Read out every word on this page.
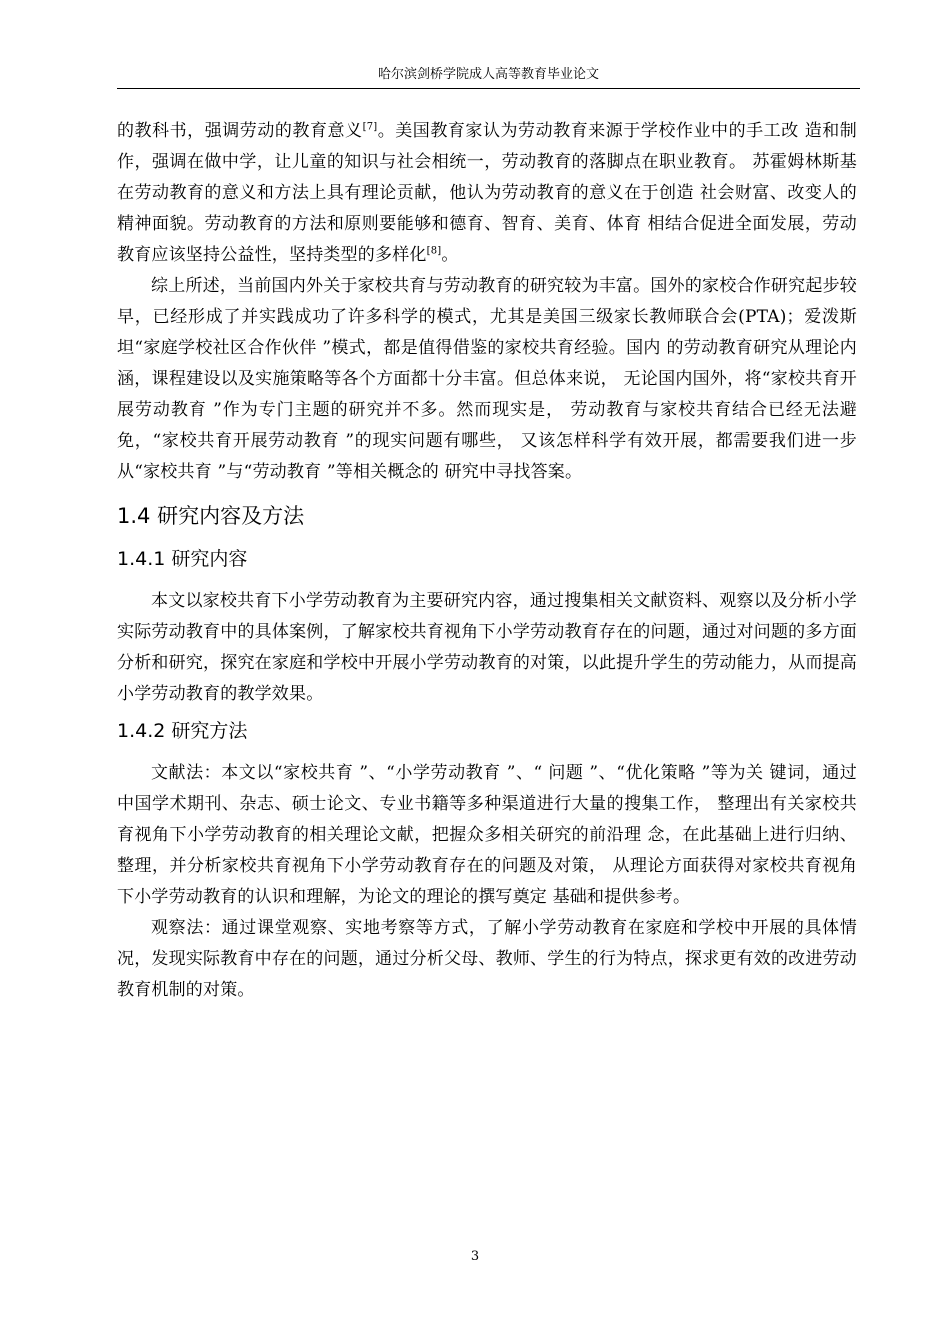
哈尔滨剑桥学院成人高等教育毕业论文

的教科书，强调劳动的教育意义[7]。美国教育家认为劳动教育来源于学校作业中的手工改 造和制作，强调在做中学，让儿童的知识与社会相统一，劳动教育的落脚点在职业教育。 苏霍姆林斯基在劳动教育的意义和方法上具有理论贡献，他认为劳动教育的意义在于创造 社会财富、改变人的精神面貌。劳动教育的方法和原则要能够和德育、智育、美育、体育 相结合促进全面发展，劳动教育应该坚持公益性，坚持类型的多样化[8]。

综上所述，当前国内外关于家校共育与劳动教育的研究较为丰富。国外的家校合作研究起步较早，已经形成了并实践成功了许多科学的模式，尤其是美国三级家长教师联合会(PTA)；爱泼斯坦“家庭学校社区合作伙伴 ”模式，都是值得借鉴的家校共育经验。国内 的劳动教育研究从理论内涵，课程建设以及实施策略等各个方面都十分丰富。但总体来说， 无论国内国外，将“家校共育开展劳动教育 ”作为专门主题的研究并不多。然而现实是， 劳动教育与家校共育结合已经无法避免，“家校共育开展劳动教育 ”的现实问题有哪些， 又该怎样科学有效开展，都需要我们进一步从“家校共育 ”与“劳动教育 ”等相关概念的 研究中寻找答案。

1.4 研究内容及方法
1.4.1 研究内容

本文以家校共育下小学劳动教育为主要研究内容，通过搜集相关文献资料、观察以及分析小学实际劳动教育中的具体案例，了解家校共育视角下小学劳动教育存在的问题，通过对问题的多方面分析和研究，探究在家庭和学校中开展小学劳动教育的对策，以此提升学生的劳动能力，从而提高小学劳动教育的教学效果。

1.4.2 研究方法

文献法：本文以“家校共育 ”、“小学劳动教育 ”、“ 问题 ”、“优化策略 ”等为关 键词，通过中国学术期刊、杂志、硕士论文、专业书籍等多种渠道进行大量的搜集工作， 整理出有关家校共育视角下小学劳动教育的相关理论文献，把握众多相关研究的前沿理 念，在此基础上进行归纳、整理，并分析家校共育视角下小学劳动教育存在的问题及对策， 从理论方面获得对家校共育视角下小学劳动教育的认识和理解，为论文的理论的撰写奠定 基础和提供参考。

观察法：通过课堂观察、实地考察等方式，了解小学劳动教育在家庭和学校中开展的具体情况，发现实际教育中存在的问题，通过分析父母、教师、学生的行为特点，探求更有效的改进劳动教育机制的对策。

3
